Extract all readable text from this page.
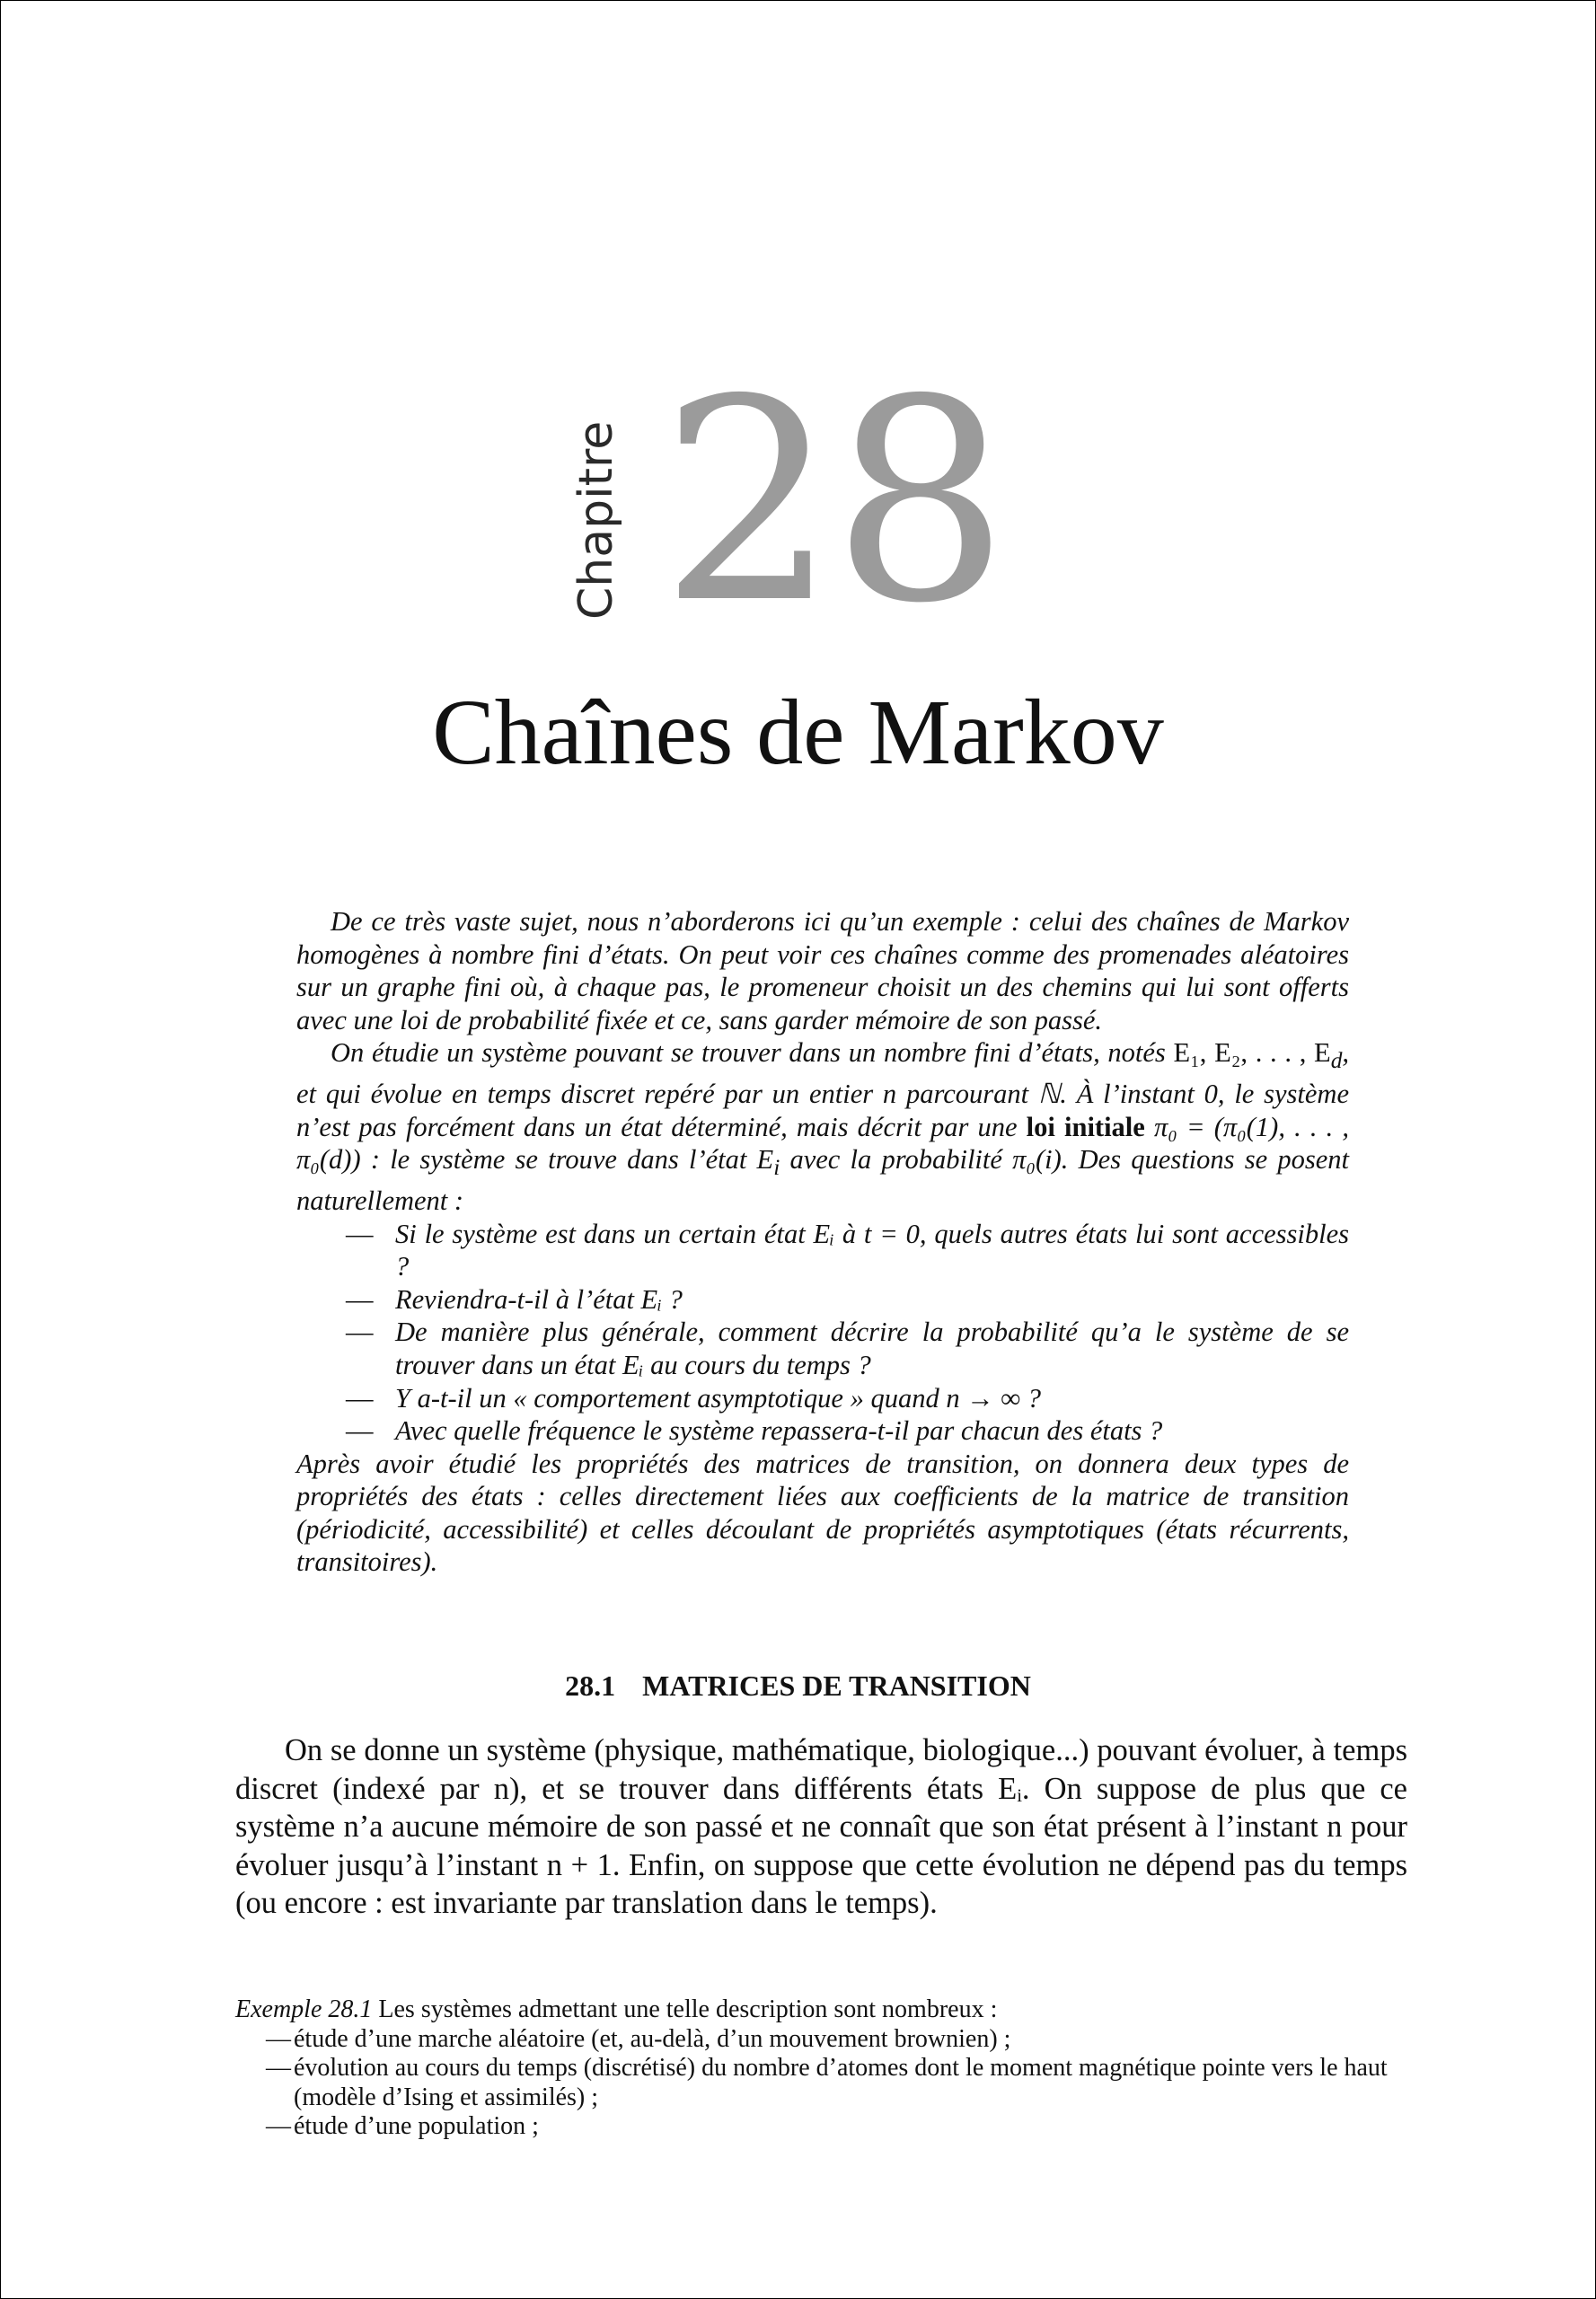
Chapitre 28
Chaînes de Markov

De ce très vaste sujet, nous n’aborderons ici qu’un exemple : celui des chaînes de Markov homogènes à nombre fini d’états. On peut voir ces chaînes comme des promenades aléatoires sur un graphe fini où, à chaque pas, le promeneur choisit un des chemins qui lui sont offerts avec une loi de probabilité fixée et ce, sans garder mémoire de son passé.

On étudie un système pouvant se trouver dans un nombre fini d’états, notés E₁, E₂, . . . , $E_d$, et qui évolue en temps discret repéré par un entier n parcourant ℕ. À l’instant 0, le système n’est pas forcément dans un état déterminé, mais décrit par une loi initiale π₀ = (π₀(1), . . . , π₀(d)) : le système se trouve dans l’état $E_i$ avec la probabilité π₀(i). Des questions se posent naturellement :

— Si le système est dans un certain état Eᵢ à t = 0, quels autres états lui sont accessibles ?

— Reviendra-t-il à l’état Eᵢ ?

— De manière plus générale, comment décrire la probabilité qu’a le système de se trouver dans un état Eᵢ au cours du temps ?

— Y a-t-il un « comportement asymptotique » quand n → ∞ ?

— Avec quelle fréquence le système repassera-t-il par chacun des états ?

Après avoir étudié les propriétés des matrices de transition, on donnera deux types de propriétés des états : celles directement liées aux coefficients de la matrice de transition (périodicité, accessibilité) et celles découlant de propriétés asymptotiques (états récurrents, transitoires).

28.1 MATRICES DE TRANSITION

On se donne un système (physique, mathématique, biologique...) pouvant évoluer, à temps discret (indexé par n), et se trouver dans différents états Eᵢ. On suppose de plus que ce système n’a aucune mémoire de son passé et ne connaît que son état présent à l’instant n pour évoluer jusqu’à l’instant n + 1. Enfin, on suppose que cette évolution ne dépend pas du temps (ou encore : est invariante par translation dans le temps).

Exemple 28.1 Les systèmes admettant une telle description sont nombreux :
— étude d’une marche aléatoire (et, au-delà, d’un mouvement brownien) ;
— évolution au cours du temps (discrétisé) du nombre d’atomes dont le moment magnétique pointe vers le haut (modèle d’Ising et assimilés) ;
— étude d’une population ;
